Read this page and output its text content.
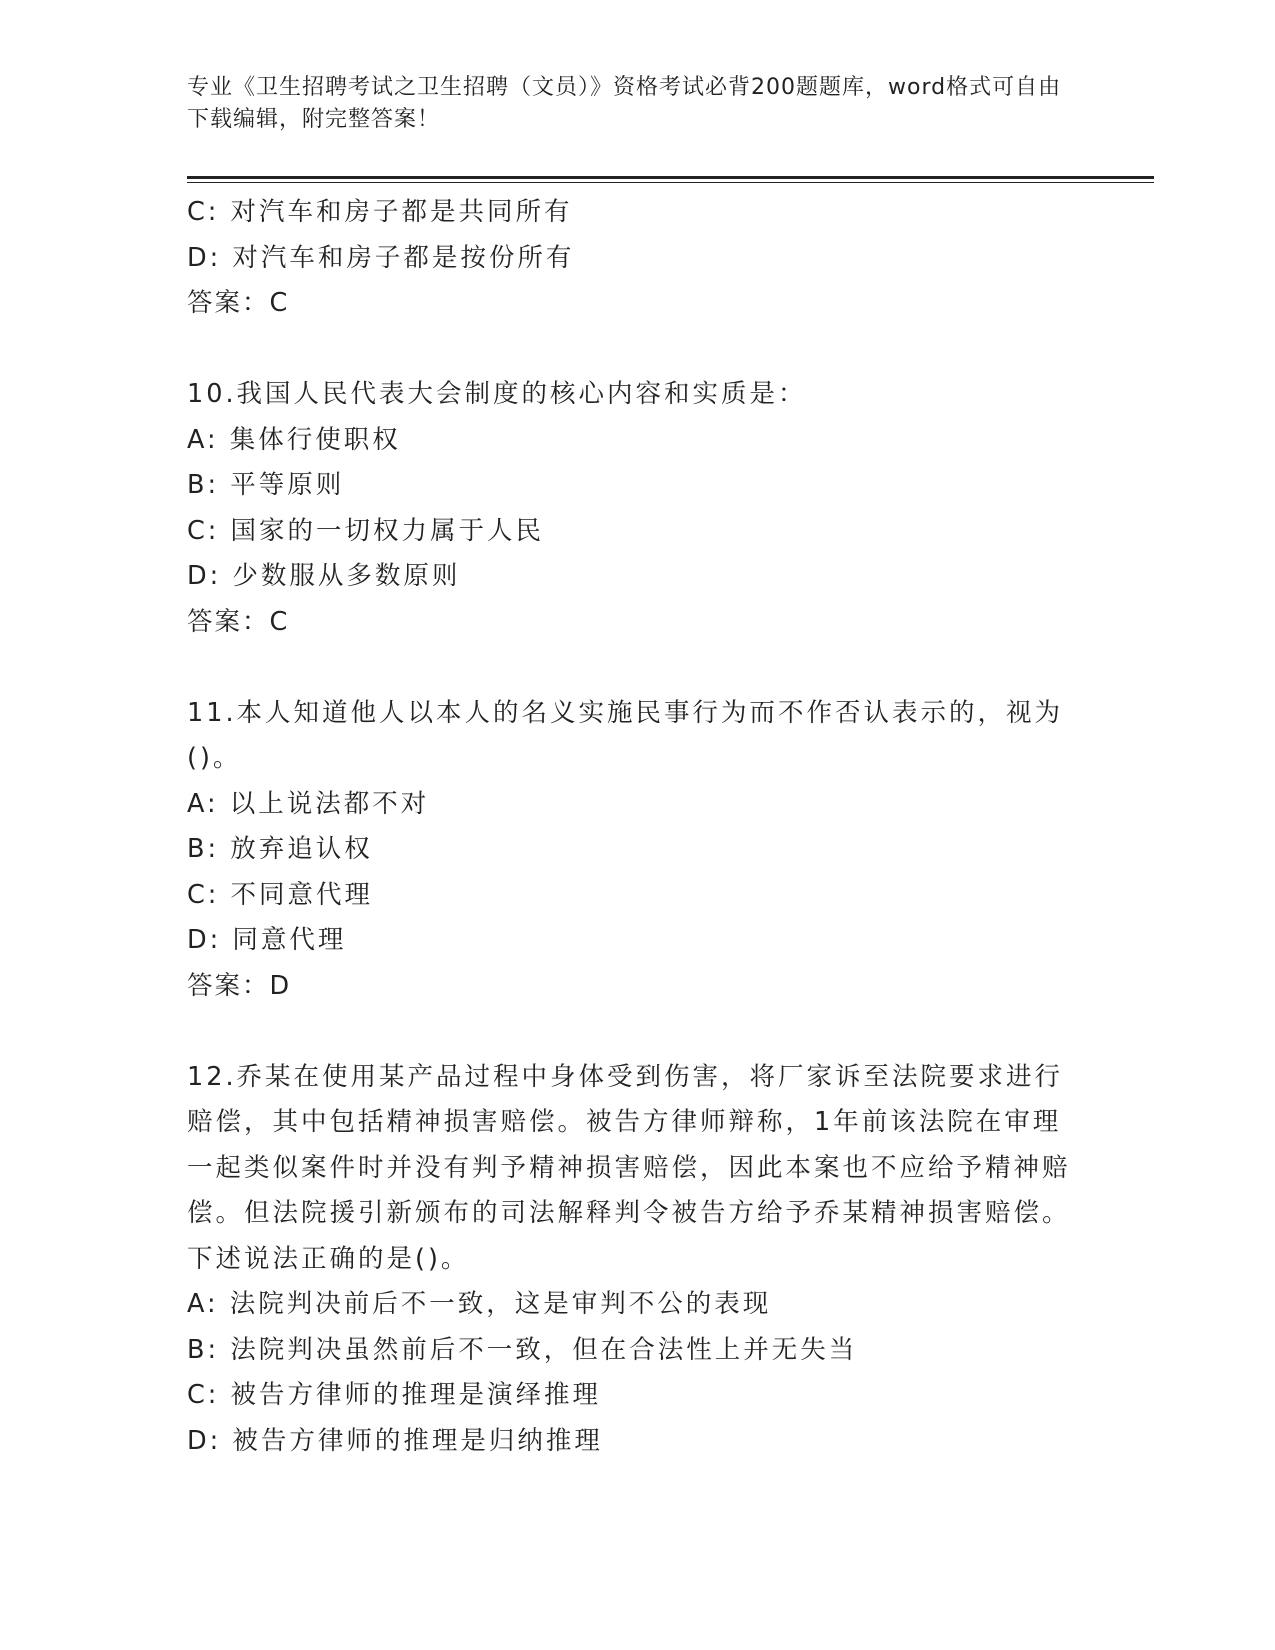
专业《卫生招聘考试之卫生招聘（文员）》资格考试必背200题题库，word格式可自由下载编辑，附完整答案！
C: 对汽车和房子都是共同所有
D: 对汽车和房子都是按份所有
答案：C
10.我国人民代表大会制度的核心内容和实质是：
A: 集体行使职权
B: 平等原则
C: 国家的一切权力属于人民
D: 少数服从多数原则
答案：C
11.本人知道他人以本人的名义实施民事行为而不作否认表示的，视为()。
A: 以上说法都不对
B: 放弃追认权
C: 不同意代理
D: 同意代理
答案：D
12.乔某在使用某产品过程中身体受到伤害，将厂家诉至法院要求进行赔偿，其中包括精神损害赔偿。被告方律师辩称，1年前该法院在审理一起类似案件时并没有判予精神损害赔偿，因此本案也不应给予精神赔偿。但法院援引新颁布的司法解释判令被告方给予乔某精神损害赔偿。下述说法正确的是()。
A: 法院判决前后不一致，这是审判不公的表现
B: 法院判决虽然前后不一致，但在合法性上并无失当
C: 被告方律师的推理是演绎推理
D: 被告方律师的推理是归纳推理
